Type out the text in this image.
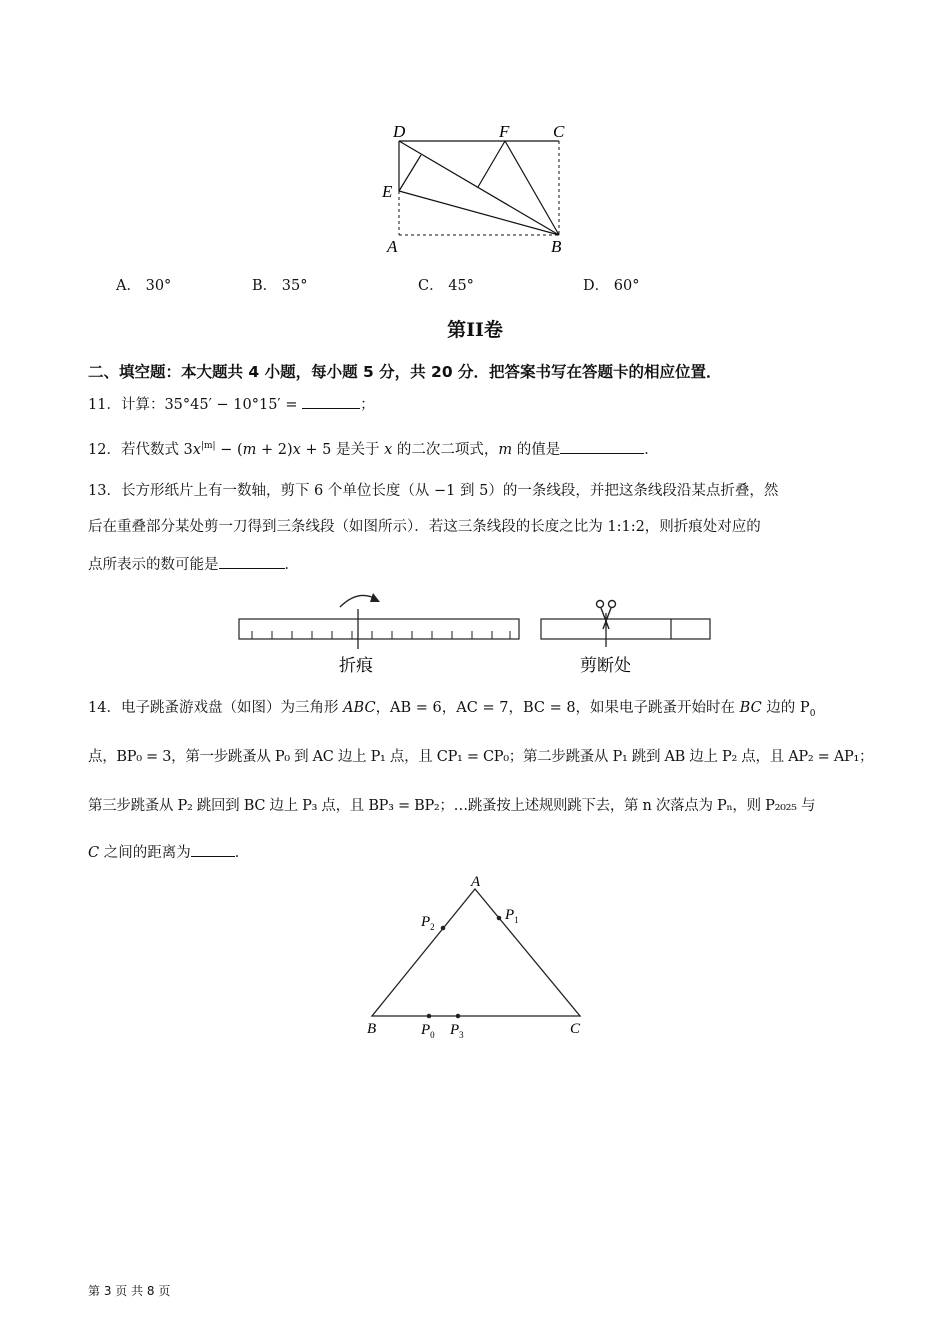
D	F	C
E
A	B
A． 30°	B． 35°	C． 45°	D． 60°
第II卷
二、填空题：本大题共 4 小题，每小题 5 分，共 20 分．把答案书写在答题卡的相应位置．
11．计算：35°45′ − 10°15′ =	；
12．若代数式 $3x^{|m|} - (m + 2)x + 5$ 是关于 x 的二次二项式，m 的值是	．
13．长方形纸片上有一数轴，剪下 6 个单位长度（从 −1 到 5）的一条线段，并把这条线段沿某点折叠，然
后在重叠部分某处剪一刀得到三条线段（如图所示）．若这三条线段的长度之比为 1:1:2，则折痕处对应的
点所表示的数可能是	．
折痕	剪断处
14．电子跳蚤游戏盘（如图）为三角形 ABC，AB = 6，AC = 7，BC = 8，如果电子跳蚤开始时在 BC 边的 $P_0$
点，BP₀ = 3，第一步跳蚤从 P₀ 到 AC 边上 P₁ 点，且 CP₁ = CP₀；第二步跳蚤从 P₁ 跳到 AB 边上 P₂ 点，且 AP₂ = AP₁；
第三步跳蚤从 P₂ 跳回到 BC 边上 P₃ 点，且 BP₃ = BP₂；…跳蚤按上述规则跳下去，第 n 次落点为 Pₙ，则 P₂₀₂₅ 与
C 之间的距离为	．
A
B	C
$P_2$
$P_1$
$P_0$ $P_3$
第 3 页 共 8 页
